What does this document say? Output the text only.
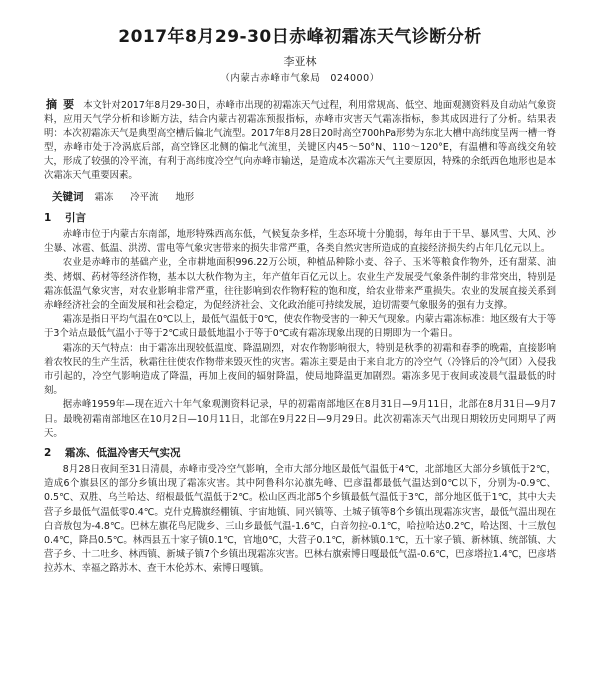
2017年8月29-30日赤峰初霜冻天气诊断分析
李亚林
（内蒙古赤峰市气象局　024000）

摘要 本文针对2017年8月29-30日，赤峰市出现的初霜冻天气过程，利用常规高、低空、地面观测资料及自动站气象资料，应用天气学分析和诊断方法，结合内蒙古初霜冻预报指标，赤峰市灾害天气霜冻指标，参其成因进行了分析。结果表明：本次初霜冻天气是典型高空槽后偏北气流型。2017年8月28日20时高空700hPa形势为东北大槽中高纬度呈两一槽一脊型，赤峰市处于冷涡底后部，高空锋区北侧的偏北气流里，关键区内45～50°N、110～120°E，有温槽和等高线交角较大，形成了较强的冷平流，有利于高纬度冷空气向赤峰市输送，是造成本次霜冻天气主要原因，特殊的余纸西色地形也是本次霜冻天气重要因素。

关键词 霜冻 冷平流 地形
1 引言

赤峰市位于内蒙古东南部，地形特殊西高东低，气候复杂多样，生态环境十分脆弱，每年由于干旱、暴风雪、大风、沙尘暴、冰雹、低温、洪涝、雷电等气象灾害带来的损失非常严重，各类自然灾害所造成的直接经济损失约占年几亿元以上。

农业是赤峰市的基础产业，全市耕地面积996.22万公顷，种植品种除小麦、谷子、玉米等粮食作物外，还有甜菜、油类、烤烟、药材等经济作物，基本以大秋作物为主，年产值年百亿元以上。农业生产发展受气象条件制约非常突出，特别是霜冻低温气象灾害，对农业影响非常严重，往往影响到农作物籽粒的饱和度，给农业带来严重损失。农业的发展直接关系到赤峰经济社会的全面发展和社会稳定，为促经济社会、文化政治能可持续发展，迫切需要气象服务的强有力支撑。

霜冻是指日平均气温在0℃以上，最低气温低于0℃，使农作物受害的一种天气现象。内蒙古霜冻标准：地区级有大于等于3个站点最低气温小于等于2℃或日最低地温小于等于0℃或有霜冻现象出现的日期即为一个霜日。

霜冻的天气特点：由于霜冻出现较低温度、降温剧烈，对农作物影响很大，特别是秋季的初霜和春季的晚霜，直接影响着农牧民的生产生活，秋霜往往使农作物带来毁灭性的灾害。霜冻主要是由于来自北方的冷空气（冷锋后的冷气团）入侵我市引起的，冷空气影响造成了降温，再加上夜间的辐射降温，使局地降温更加剧烈。霜冻多见于夜间或凌晨气温最低的时刻。

据赤峰1959年—现在近六十年气象观测资料记录，早的初霜南部地区在8月31日—9月11日，北部在8月31日—9月7日。最晚初霜南部地区在10月2日—10月11日，北部在9月22日—9月29日。此次初霜冻天气出现日期较历史同期早了两天。

2 霜冻、低温冷害天气实况

8月28日夜间至31日清晨，赤峰市受冷空气影响，全市大部分地区最低气温低于4℃，北部地区大部分乡镇低于2℃，造成6个旗县区的部分乡镇出现了霜冻灾害。其中阿鲁科尔沁旗先峰、巴彦温都最低气温达到0℃以下，分别为-0.9℃、0.5℃、双胜、乌兰哈达、绍根最低气温低于2℃。松山区西北部5个乡镇最低气温低于3℃，部分地区低于1℃，其中大夫营子乡最低气温低零0.4℃。克什克腾旗经棚镇、宇宙地镇、同兴镇等、土城子镇等8个乡镇出现霜冻灾害，最低气温出现在白音敖包为-4.8℃。巴林左旗花鸟尼陇乡、三山乡最低气温-1.6℃，白音勿拉-0.1℃，哈拉哈达0.2℃，哈达图、十三敖包0.4℃，降昌0.5℃。林西县五十家子镇0.1℃，官地0℃，大营子0.1℃，新林镇0.1℃，五十家子镇、新林镇、统部镇、大营子乡、十二吐乡、林西镇、新城子镇7个乡镇出现霜冻灾害。巴林右旗索博日嘎最低气温-0.6℃，巴彦塔拉1.4℃，巴彦塔拉苏木、幸福之路苏木、查干木伦苏木、索博日嘎镇。
